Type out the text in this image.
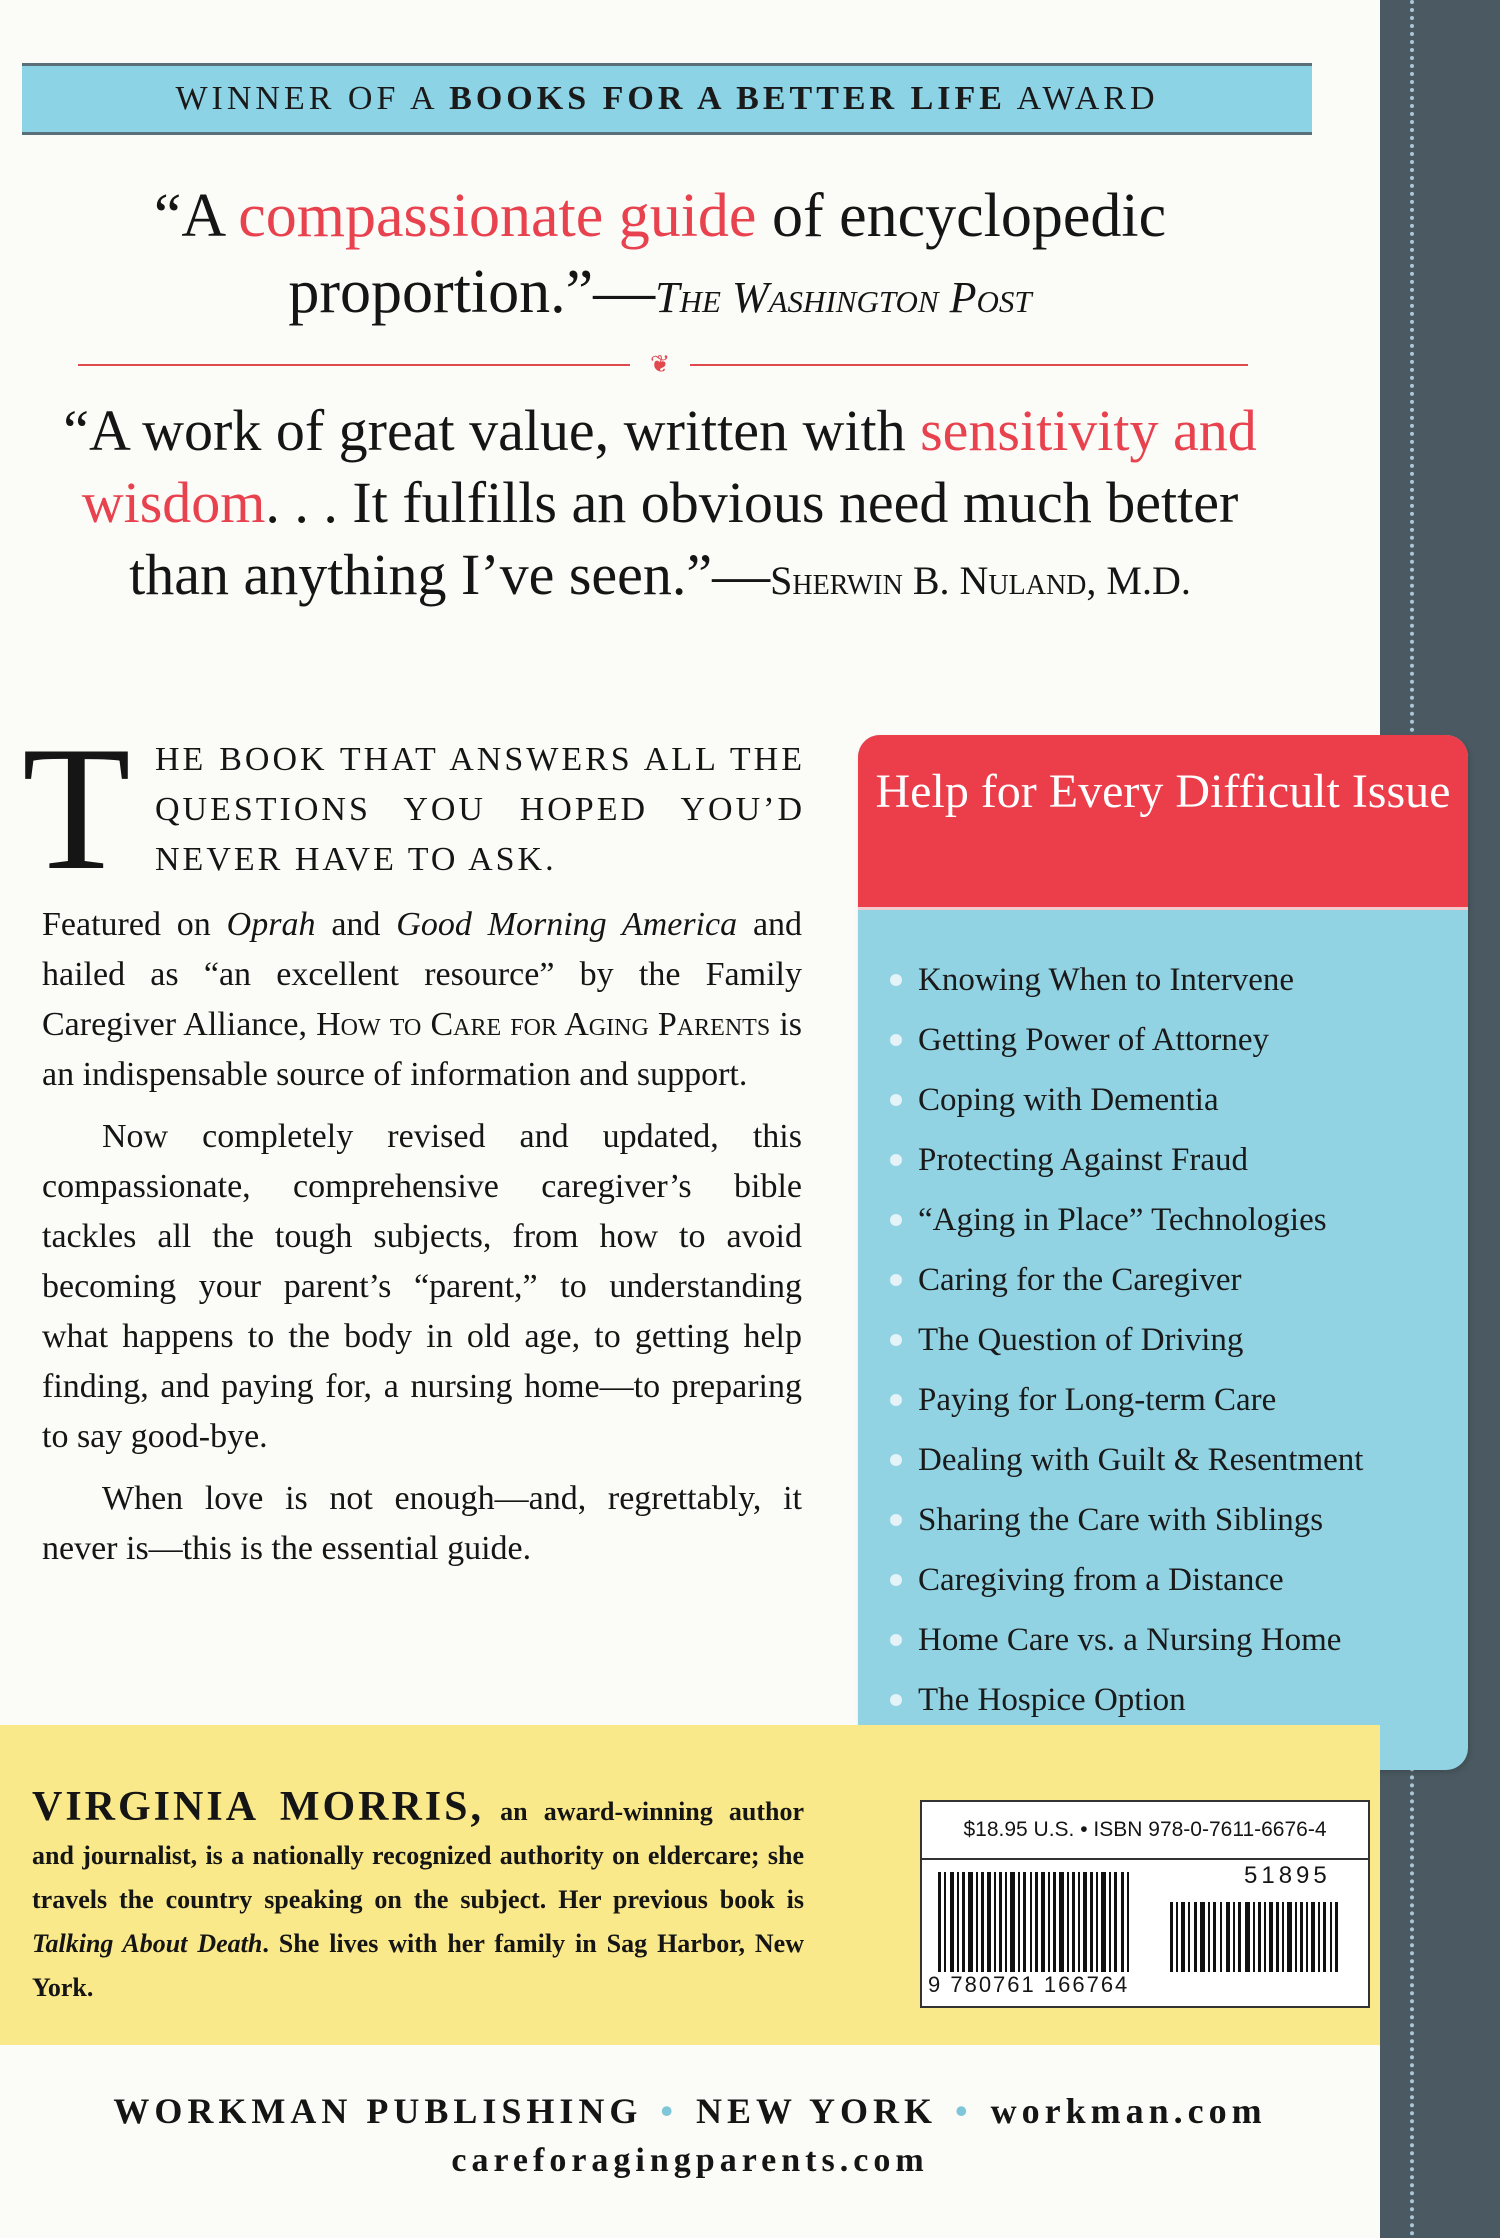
WINNER OF A BOOKS FOR A BETTER LIFE AWARD
“A compassionate guide of encyclopedic proportion.”—The Washington Post
❦
“A work of great value, written with sensitivity and wisdom. . . It fulfills an obvious need much better than anything I’ve seen.”—Sherwin B. Nuland, M.D.
T HE BOOK THAT ANSWERS ALL THE QUESTIONS YOU HOPED YOU’D NEVER HAVE TO ASK.

Featured on Oprah and Good Morning America and hailed as “an excellent resource” by the Family Caregiver Alliance, How to Care for Aging Parents is an indispensable source of information and support.

Now completely revised and updated, this compassionate, comprehensive caregiver’s bible tackles all the tough subjects, from how to avoid becoming your parent’s “parent,” to understanding what happens to the body in old age, to getting help finding, and paying for, a nursing home—to preparing to say good-bye.

When love is not enough—and, regrettably, it never is—this is the essential guide.

Help for Every Difficult Issue
Knowing When to Intervene
Getting Power of Attorney
Coping with Dementia
Protecting Against Fraud
“Aging in Place” Technologies
Caring for the Caregiver
The Question of Driving
Paying for Long-term Care
Dealing with Guilt & Resentment
Sharing the Care with Siblings
Caregiving from a Distance
Home Care vs. a Nursing Home
The Hospice Option
VIRGINIA MORRIS, an award-winning author and journalist, is a nationally recognized authority on eldercare; she travels the country speaking on the subject. Her previous book is Talking About Death. She lives with her family in Sag Harbor, New York.
$18.95 U.S. • ISBN 978-0-7611-6676-4
51895
9 780761 166764
WORKMAN PUBLISHING • NEW YORK • workman.com
careforagingparents.com
